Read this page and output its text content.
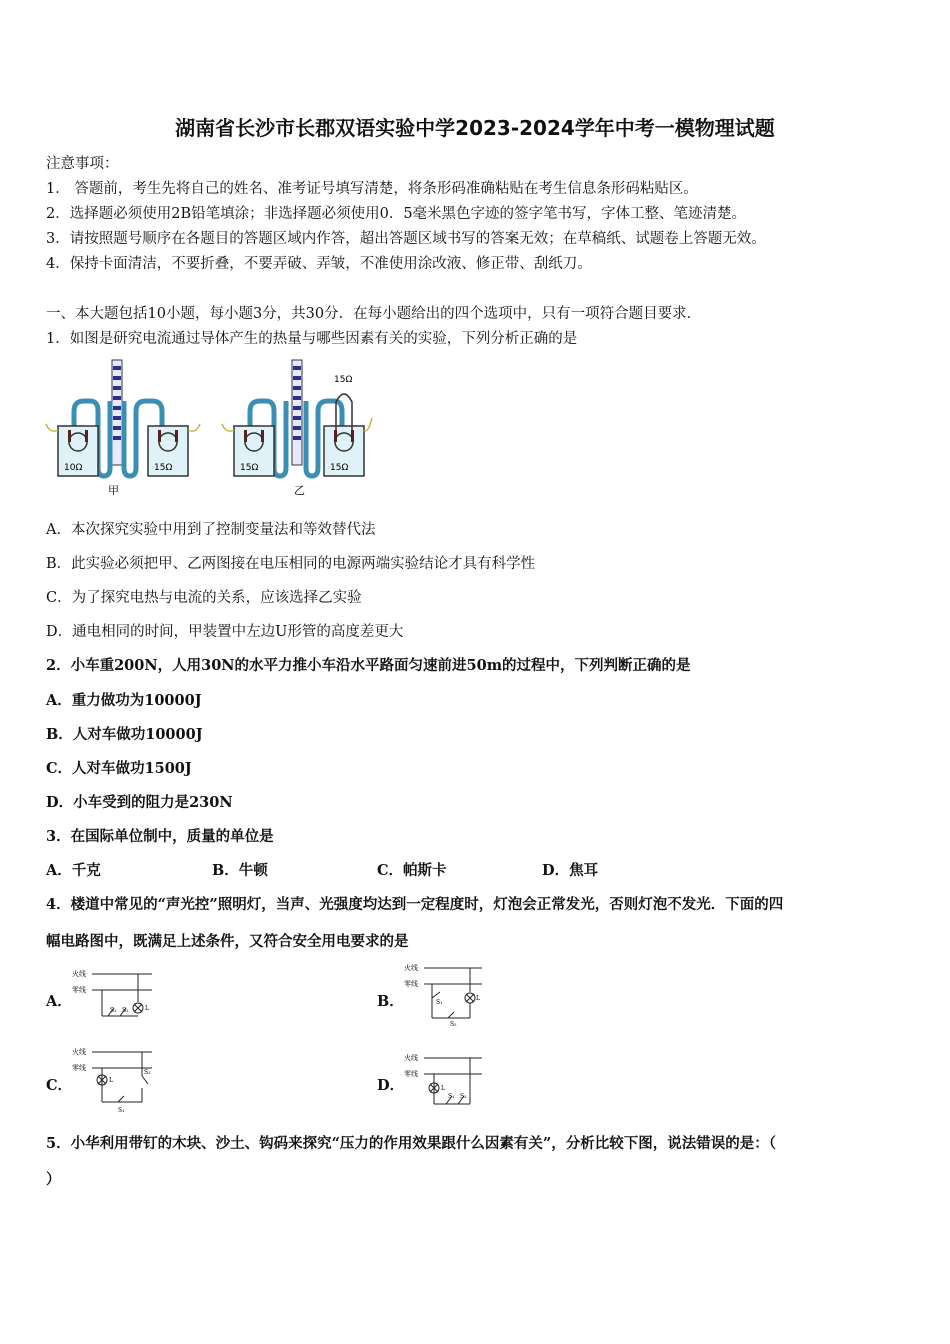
湖南省长沙市长郡双语实验中学2023-2024学年中考一模物理试题
注意事项：
1． 答题前，考生先将自己的姓名、准考证号填写清楚，将条形码准确粘贴在考生信息条形码粘贴区。
2．选择题必须使用2B铅笔填涂；非选择题必须使用0．5毫米黑色字迹的签字笔书写，字体工整、笔迹清楚。
3．请按照题号顺序在各题目的答题区域内作答，超出答题区域书写的答案无效；在草稿纸、试题卷上答题无效。
4．保持卡面清洁，不要折叠，不要弄破、弄皱，不准使用涂改液、修正带、刮纸刀。
一、本大题包括10小题，每小题3分，共30分．在每小题给出的四个选项中，只有一项符合题目要求．
1．如图是研究电流通过导体产生的热量与哪些因素有关的实验，下列分析正确的是
10Ω	15Ω
甲
15Ω
15Ω	15Ω
乙
A．本次探究实验中用到了控制变量法和等效替代法
B．此实验必须把甲、乙两图接在电压相同的电源两端实验结论才具有科学性
C．为了探究电热与电流的关系，应该选择乙实验
D．通电相同的时间，甲装置中左边U形管的高度差更大
2．小车重200N，人用30N的水平力推小车沿水平路面匀速前进50m的过程中，下列判断正确的是
A．重力做功为10000J
B．人对车做功10000J
C．人对车做功1500J
D．小车受到的阻力是230N
3．在国际单位制中，质量的单位是
A．千克	B．牛顿	C．帕斯卡	D．焦耳
4．楼道中常见的“声光控”照明灯，当声、光强度均达到一定程度时，灯泡会正常发光，否则灯泡不发光．下面的四
幅电路图中，既满足上述条件，又符合安全用电要求的是
A．
火线
零线
S₁ S₂	L	B．
火线
零线
S₁
S₂
L
C．
火线
零线
L
S₂
S₁
D．
火线
零线
L
S₁ S₂
5．小华利用带钉的木块、沙土、钩码来探究“压力的作用效果跟什么因素有关”，分析比较下图，说法错误的是：（
）
